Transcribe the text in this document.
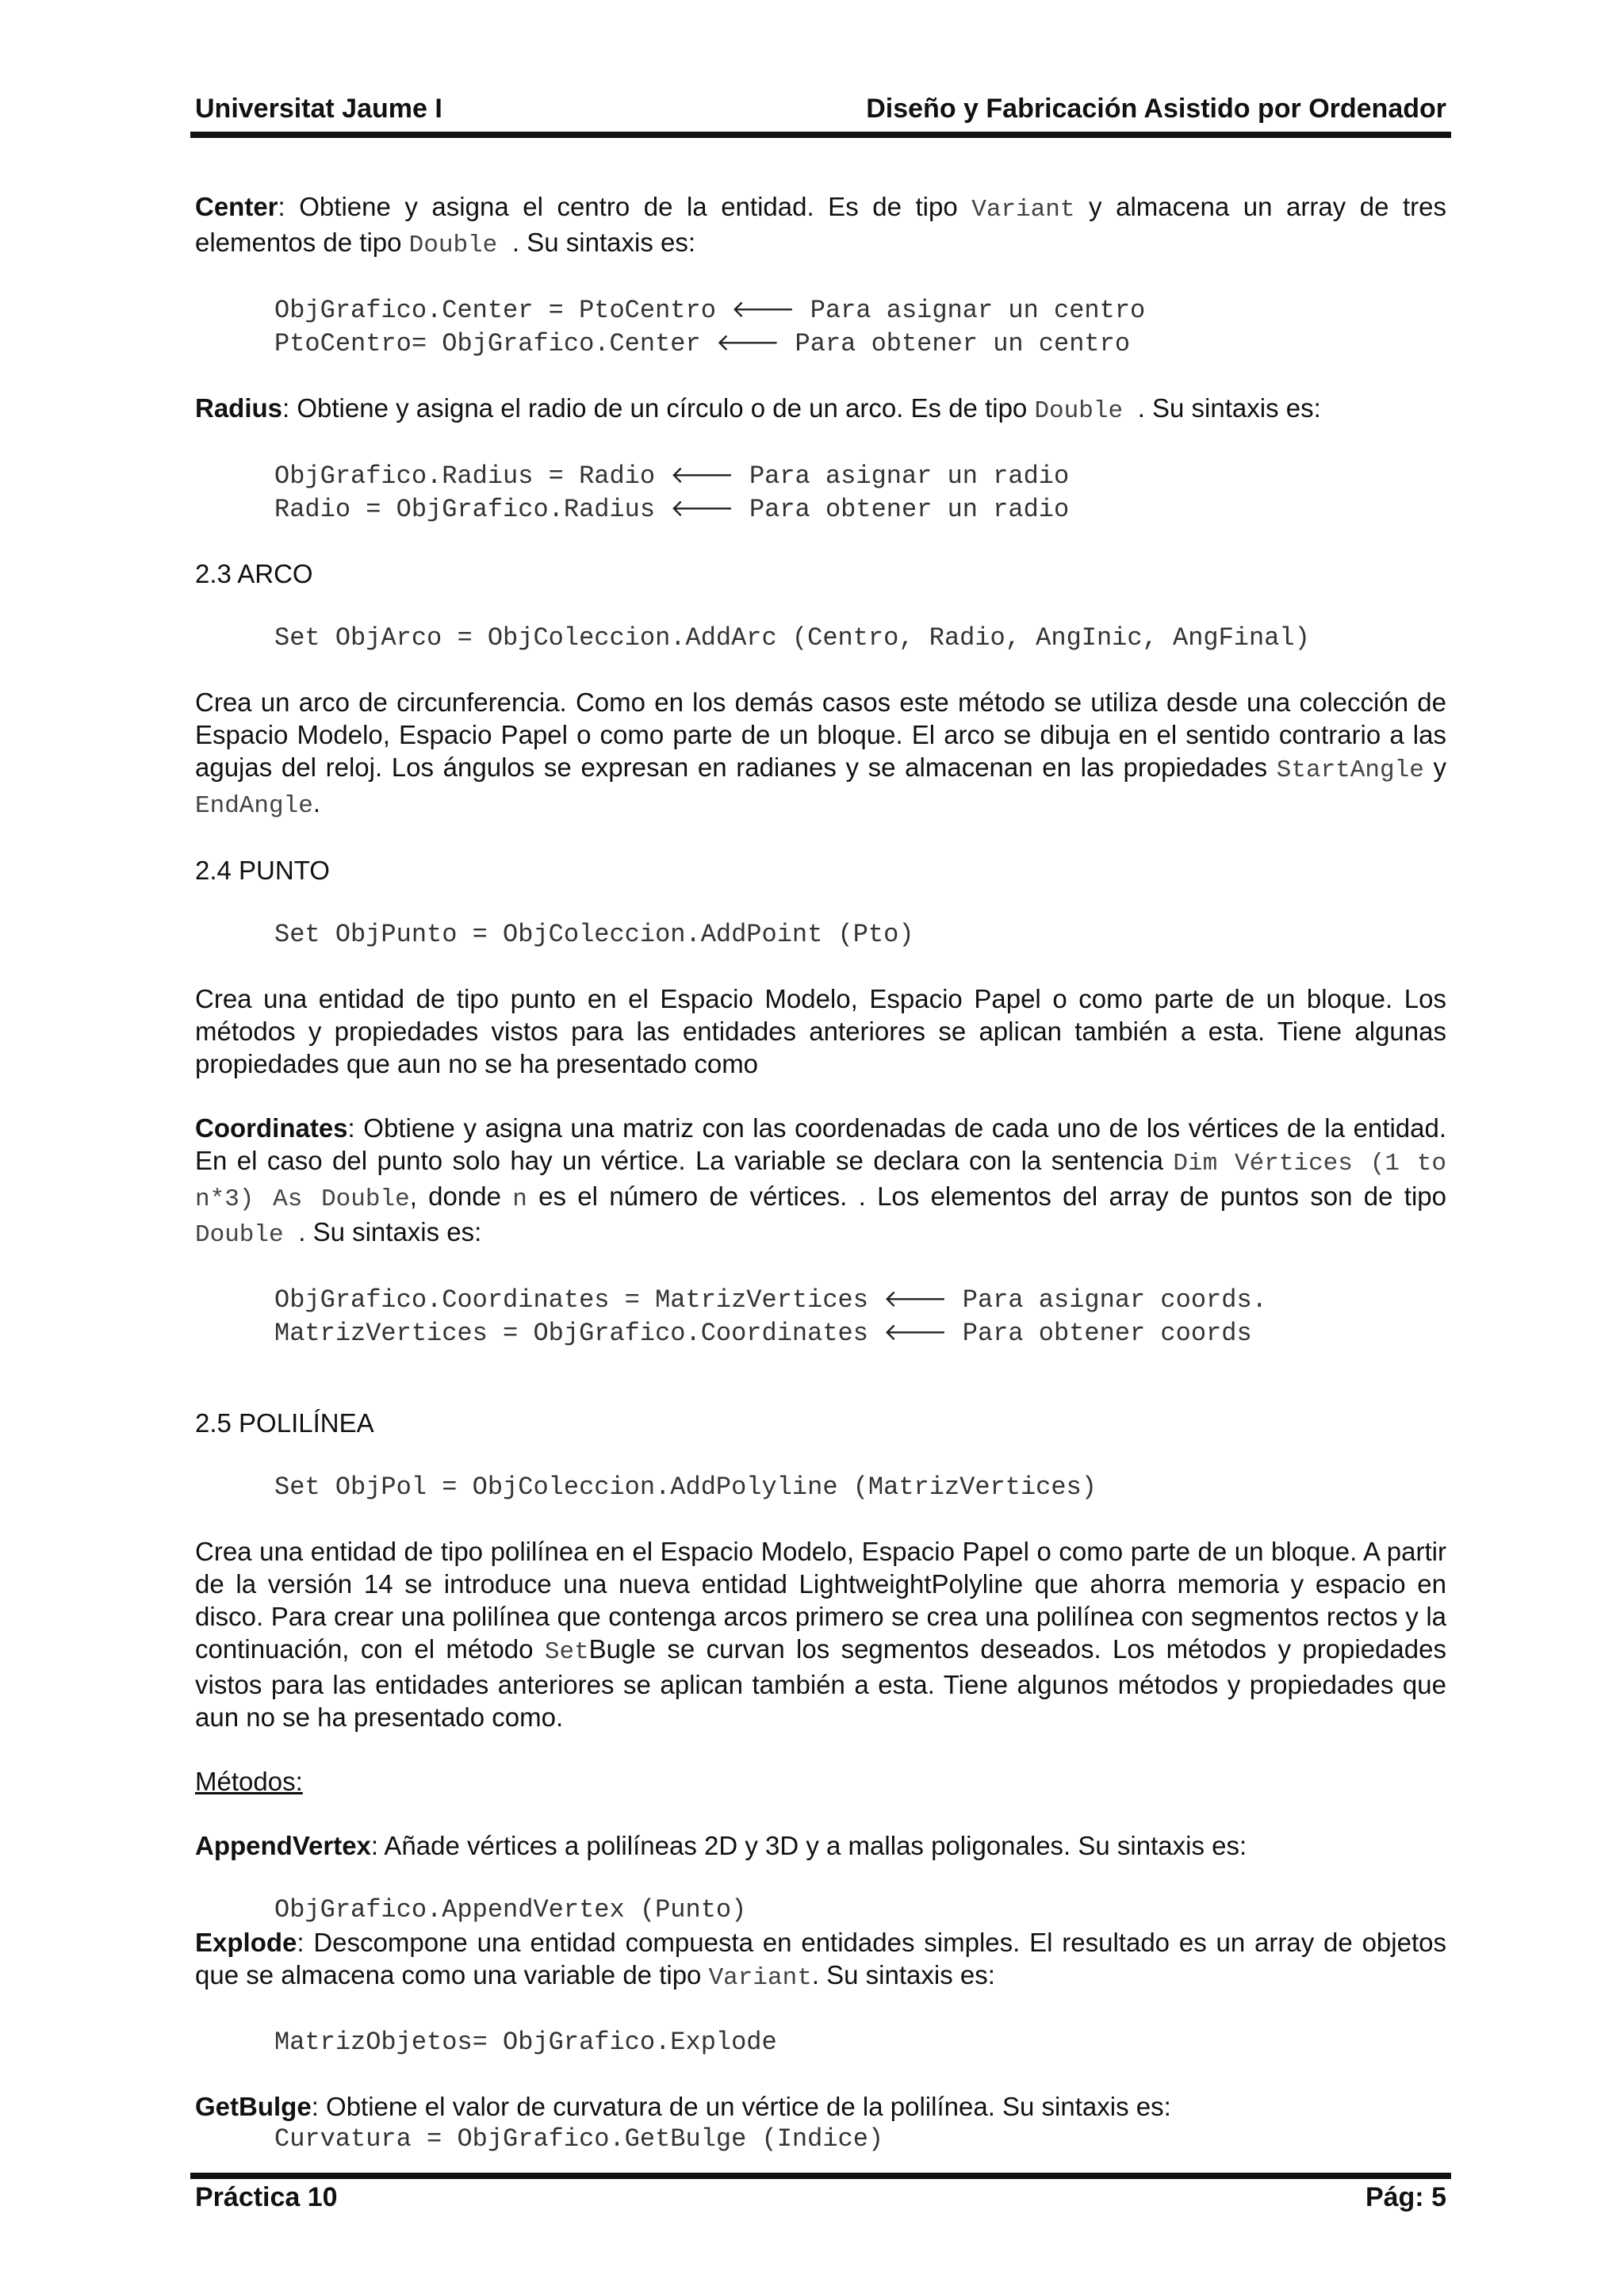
Universitat Jaume I	Diseño y Fabricación Asistido por Ordenador

Center: Obtiene y asigna el centro de la entidad. Es de tipo Variant y almacena un array de tres elementos de tipo Double . Su sintaxis es:

ObjGrafico.Center = PtoCentro 🡐 Para asignar un centro
PtoCentro= ObjGrafico.Center 🡐 Para obtener un centro

Radius: Obtiene y asigna el radio de un círculo o de un arco. Es de tipo Double . Su sintaxis es:

ObjGrafico.Radius = Radio 🡐 Para asignar un radio
Radio = ObjGrafico.Radius 🡐 Para obtener un radio
2.3 ARCO
Set ObjArco = ObjColeccion.AddArc (Centro, Radio, AngInic, AngFinal)

Crea un arco de circunferencia. Como en los demás casos este método se utiliza desde una colección de Espacio Modelo, Espacio Papel o como parte de un bloque. El arco se dibuja en el sentido contrario a las agujas del reloj. Los ángulos se expresan en radianes y se almacenan en las propiedades StartAngle y EndAngle.

2.4 PUNTO
Set ObjPunto = ObjColeccion.AddPoint (Pto)

Crea una entidad de tipo punto en el Espacio Modelo, Espacio Papel o como parte de un bloque. Los métodos y propiedades vistos para las entidades anteriores se aplican también a esta. Tiene algunas propiedades que aun no se ha presentado como

Coordinates: Obtiene y asigna una matriz con las coordenadas de cada uno de los vértices de la entidad. En el caso del punto solo hay un vértice. La variable se declara con la sentencia Dim Vértices (1 to n*3) As Double, donde n es el número de vértices. . Los elementos del array de puntos son de tipo Double . Su sintaxis es:

ObjGrafico.Coordinates = MatrizVertices 🡐 Para asignar coords.
MatrizVertices = ObjGrafico.Coordinates 🡐 Para obtener coords
2.5 POLILÍNEA
Set ObjPol = ObjColeccion.AddPolyline (MatrizVertices)

Crea una entidad de tipo polilínea en el Espacio Modelo, Espacio Papel o como parte de un bloque. A partir de la versión 14 se introduce una nueva entidad LightweightPolyline que ahorra memoria y espacio en disco. Para crear una polilínea que contenga arcos primero se crea una polilínea con segmentos rectos y la continuación, con el método SetBugle se curvan los segmentos deseados. Los métodos y propiedades vistos para las entidades anteriores se aplican también a esta. Tiene algunos métodos y propiedades que aun no se ha presentado como.

Métodos:

AppendVertex: Añade vértices a polilíneas 2D y 3D y a mallas poligonales. Su sintaxis es:

ObjGrafico.AppendVertex (Punto)

Explode: Descompone una entidad compuesta en entidades simples. El resultado es un array de objetos que se almacena como una variable de tipo Variant. Su sintaxis es:

MatrizObjetos= ObjGrafico.Explode

GetBulge: Obtiene el valor de curvatura de un vértice de la polilínea. Su sintaxis es:

Curvatura = ObjGrafico.GetBulge (Indice)
Práctica 10	Pág: 5
